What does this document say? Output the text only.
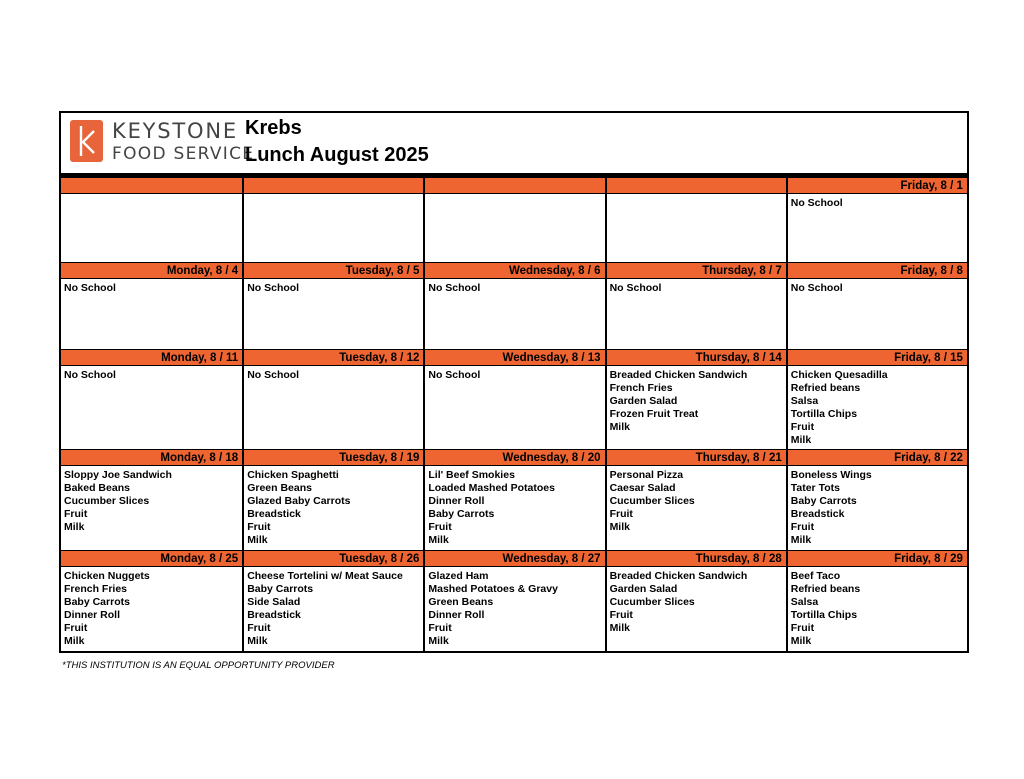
KEYSTONE
FOOD SERVICE
Krebs
Lunch August 2025
Friday, 8 / 1
No School
Monday, 8 / 4
No School
Tuesday, 8 / 5
No School
Wednesday, 8 / 6
No School
Thursday, 8 / 7
No School
Friday, 8 / 8
No School
Monday, 8 / 11
No School
Tuesday, 8 / 12
No School
Wednesday, 8 / 13
No School
Thursday, 8 / 14
Breaded Chicken Sandwich
French Fries
Garden Salad
Frozen Fruit Treat
Milk
Friday, 8 / 15
Chicken Quesadilla
Refried beans
Salsa
Tortilla Chips
Fruit
Milk
Monday, 8 / 18
Sloppy Joe Sandwich
Baked Beans
Cucumber Slices
Fruit
Milk
Tuesday, 8 / 19
Chicken Spaghetti
Green Beans
Glazed Baby Carrots
Breadstick
Fruit
Milk
Wednesday, 8 / 20
Lil' Beef Smokies
Loaded Mashed Potatoes
Dinner Roll
Baby Carrots
Fruit
Milk
Thursday, 8 / 21
Personal Pizza
Caesar Salad
Cucumber Slices
Fruit
Milk
Friday, 8 / 22
Boneless Wings
Tater Tots
Baby Carrots
Breadstick
Fruit
Milk
Monday, 8 / 25
Chicken Nuggets
French Fries
Baby Carrots
Dinner Roll
Fruit
Milk
Tuesday, 8 / 26
Cheese Tortelini w/ Meat Sauce
Baby Carrots
Side Salad
Breadstick
Fruit
Milk
Wednesday, 8 / 27
Glazed Ham
Mashed Potatoes & Gravy
Green Beans
Dinner Roll
Fruit
Milk
Thursday, 8 / 28
Breaded Chicken Sandwich
Garden Salad
Cucumber Slices
Fruit
Milk
Friday, 8 / 29
Beef Taco
Refried beans
Salsa
Tortilla Chips
Fruit
Milk
*THIS INSTITUTION IS AN EQUAL OPPORTUNITY PROVIDER
